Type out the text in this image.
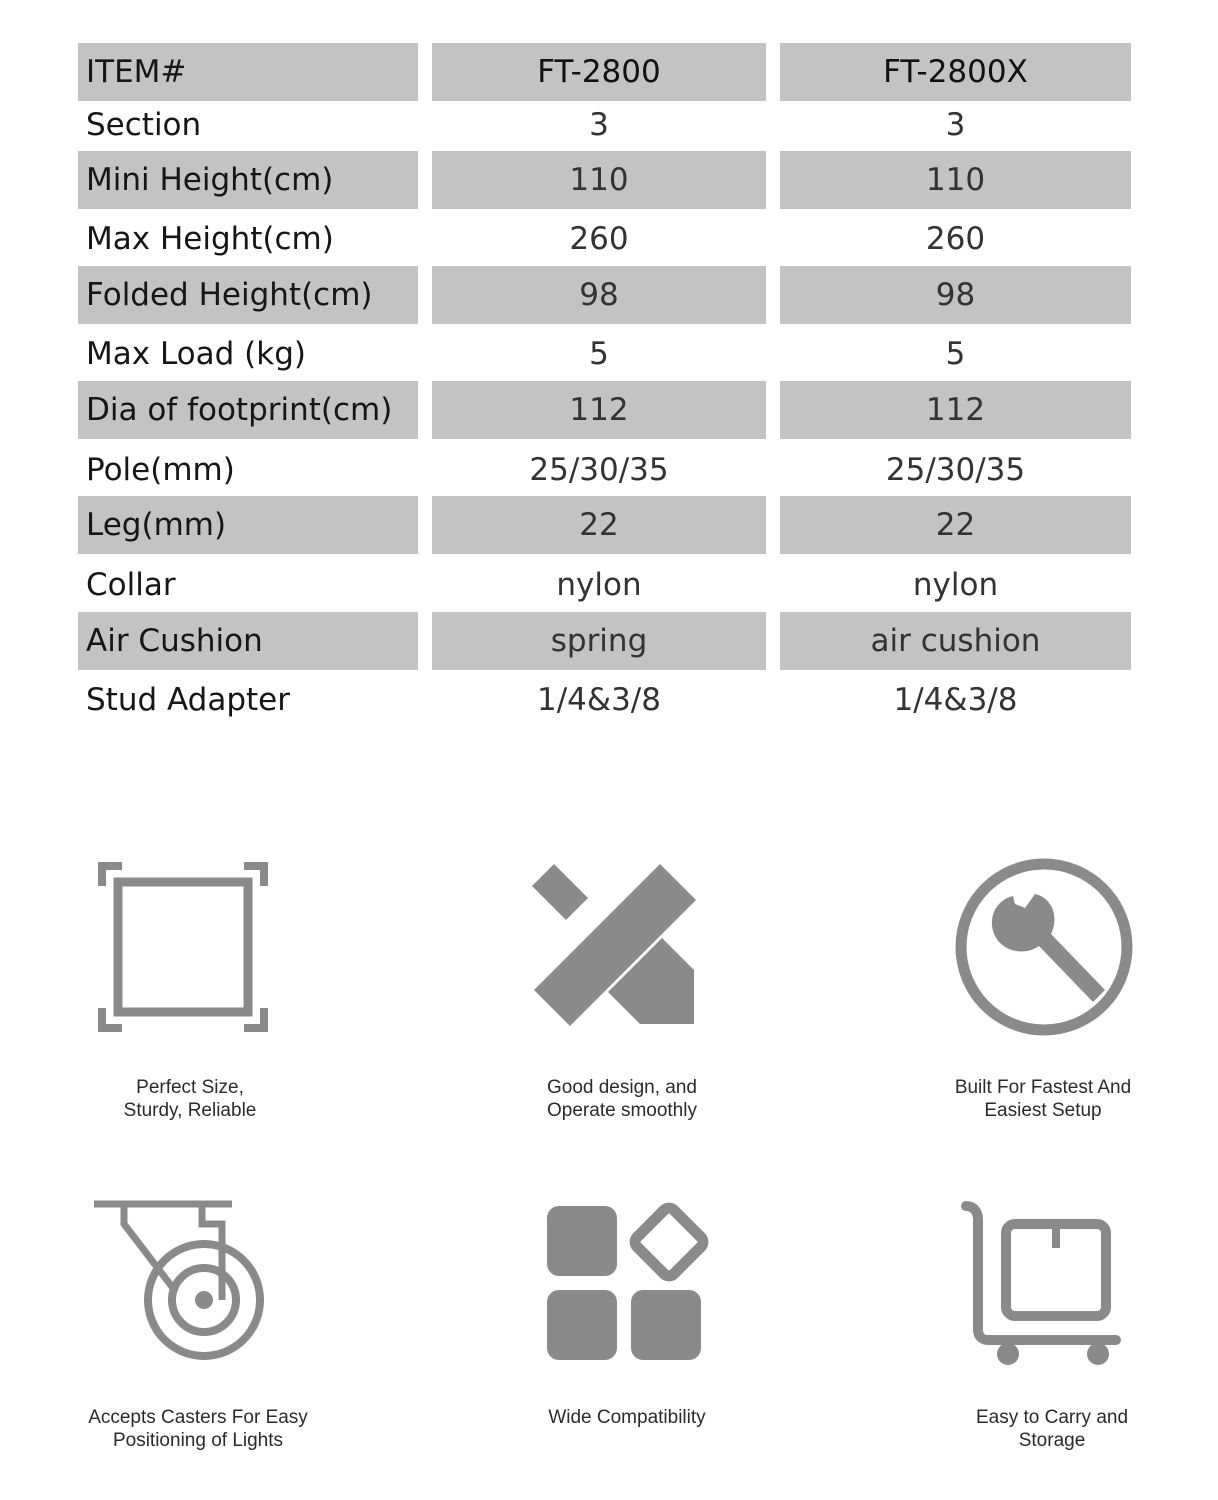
ITEM#	FT-2800	FT-2800X
Section	3	3
Mini Height(cm)	110	110
Max Height(cm)	260	260
Folded Height(cm)	98	98
Max Load (kg)	5	5
Dia of footprint(cm)	112	112
Pole(mm)	25/30/35	25/30/35
Leg(mm)	22	22
Collar	nylon	nylon
Air Cushion	spring	air cushion
Stud Adapter	1/4&3/8	1/4&3/8
Perfect Size,
Sturdy, Reliable
Good design, and
Operate smoothly
Built For Fastest And
Easiest Setup
Accepts Casters For Easy
Positioning of Lights
Wide Compatibility	Easy to Carry and
Storage
